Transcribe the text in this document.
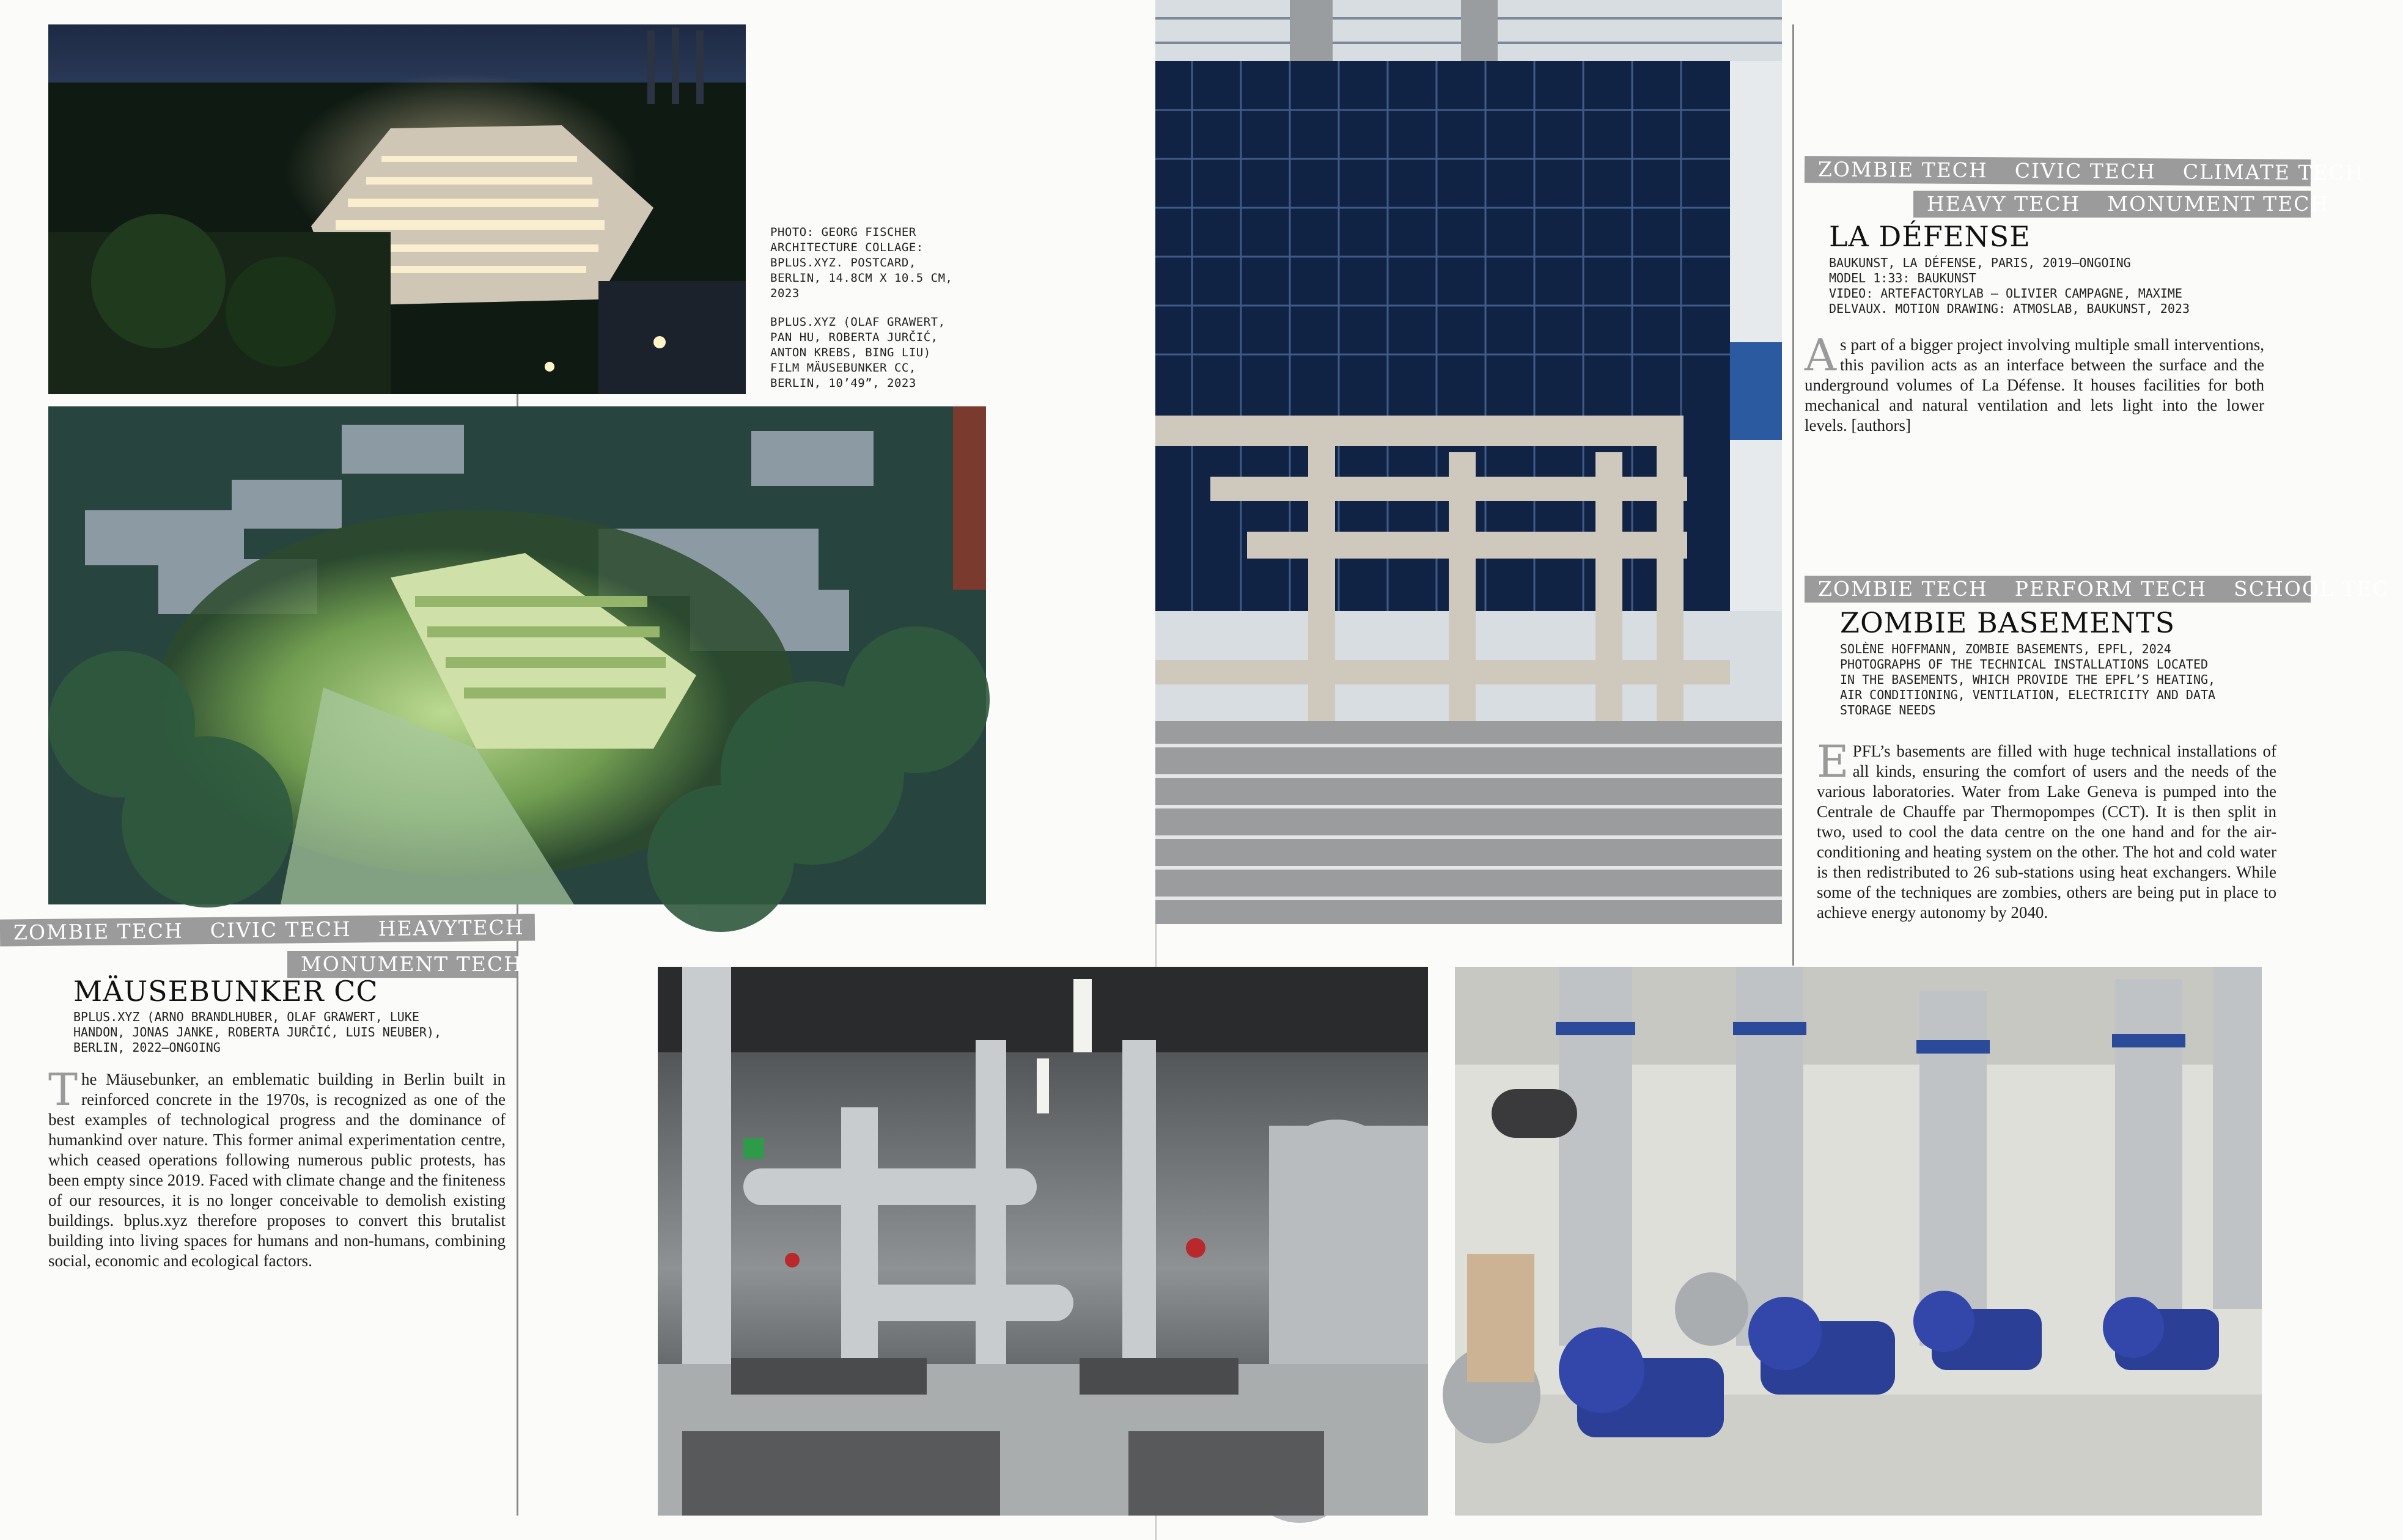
PHOTO: GEORG FISCHER
ARCHITECTURE COLLAGE:
BPLUS.XYZ. POSTCARD,
BERLIN, 14.8CM X 10.5 CM,
2023

BPLUS.XYZ (OLAF GRAWERT,
PAN HU, ROBERTA JURČIĆ,
ANTON KREBS, BING LIU)
FILM MÄUSEBUNKER CC,
BERLIN, 10’49”, 2023

ZOMBIE TECH	CIVIC TECH	HEAVYTECH
MONUMENT TECH
MÄUSEBUNKER CC
BPLUS.XYZ (ARNO BRANDLHUBER, OLAF GRAWERT, LUKE
HANDON, JONAS JANKE, ROBERTA JURČIĆ, LUIS NEUBER),
BERLIN, 2022–ONGOING
The Mäusebunker, an emblematic building in Berlin built in reinforced concrete in the 1970s, is recognized as one of the best examples of technological progress and the dominance of humankind over nature. This former animal experimentation centre, which ceased operations following numerous public protests, has been empty since 2019. Faced with climate change and the finiteness of our resources, it is no longer conceivable to demolish existing buildings. bplus.xyz therefore proposes to convert this brutalist building into living spaces for humans and non-humans, combining social, economic and ecological factors.
ZOMBIE TECH	CIVIC TECH	CLIMATE TECH
HEAVY TECH	MONUMENT TECH
LA DÉFENSE
BAUKUNST, LA DÉFENSE, PARIS, 2019–ONGOING
MODEL 1:33: BAUKUNST
VIDEO: ARTEFACTORYLAB – OLIVIER CAMPAGNE, MAXIME
DELVAUX. MOTION DRAWING: ATMOSLAB, BAUKUNST, 2023
As part of a bigger project involving multiple small interventions, this pavilion acts as an interface between the surface and the underground volumes of La Défense. It houses facilities for both mechanical and natural ventilation and lets light into the lower levels. [authors]
ZOMBIE TECH	PERFORM TECH	SCHOOL TEC
ZOMBIE BASEMENTS
SOLÈNE HOFFMANN, ZOMBIE BASEMENTS, EPFL, 2024
PHOTOGRAPHS OF THE TECHNICAL INSTALLATIONS LOCATED
IN THE BASEMENTS, WHICH PROVIDE THE EPFL’S HEATING,
AIR CONDITIONING, VENTILATION, ELECTRICITY AND DATA
STORAGE NEEDS
EPFL’s basements are filled with huge technical installations of all kinds, ensuring the comfort of users and the needs of the various laboratories. Water from Lake Geneva is pumped into the Centrale de Chauffe par Thermopompes (CCT). It is then split in two, used to cool the data centre on the one hand and for the air-conditioning and heating system on the other. The hot and cold water is then redistributed to 26 sub-stations using heat exchangers. While some of the techniques are zombies, others are being put in place to achieve energy autonomy by 2040.
